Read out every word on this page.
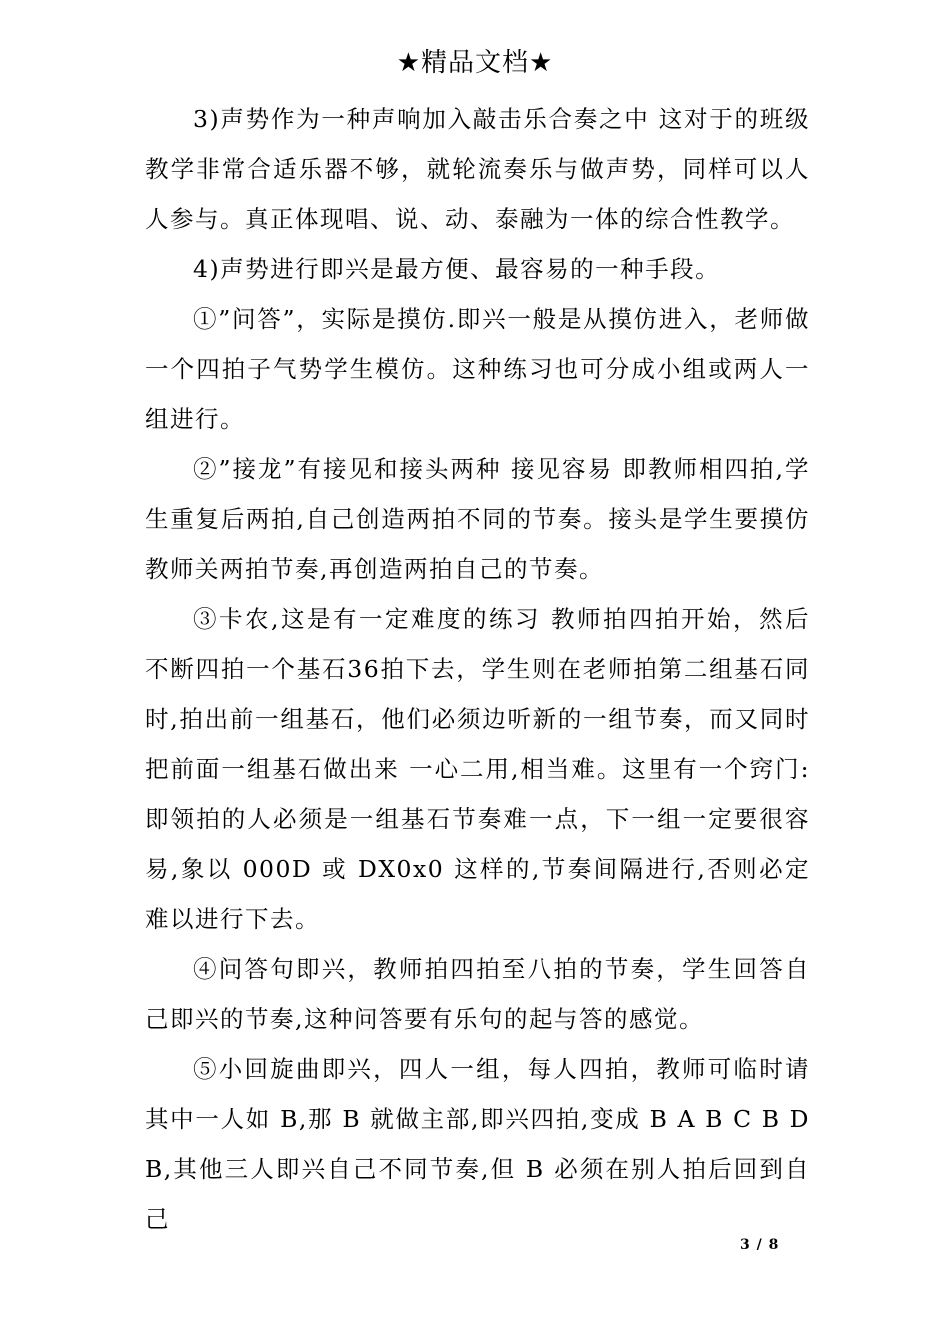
★精品文档★

3)声势作为一种声响加入敲击乐合奏之中 这对于的班级教学非常合适乐器不够，就轮流奏乐与做声势，同样可以人人参与。真正体现唱、说、动、泰融为一体的综合性教学。

4)声势进行即兴是最方便、最容易的一种手段。

①”问答”，实际是摸仿.即兴一般是从摸仿进入，老师做一个四拍子气势学生模仿。这种练习也可分成小组或两人一组进行。

②”接龙”有接见和接头两种 接见容易 即教师相四拍,学生重复后两拍,自己创造两拍不同的节奏。接头是学生要摸仿教师关两拍节奏,再创造两拍自己的节奏。

③卡农,这是有一定难度的练习 教师拍四拍开始，然后不断四拍一个基石36拍下去，学生则在老师拍第二组基石同时,拍出前一组基石，他们必须边听新的一组节奏，而又同时把前面一组基石做出来 一心二用,相当难。这里有一个窍门:即领拍的人必须是一组基石节奏难一点，下一组一定要很容易,象以 000D 或 DX0x0 这样的,节奏间隔进行,否则必定难以进行下去。

④问答句即兴，教师拍四拍至八拍的节奏，学生回答自己即兴的节奏,这种问答要有乐句的起与答的感觉。

⑤小回旋曲即兴，四人一组，每人四拍，教师可临时请其中一人如 B,那 B 就做主部,即兴四拍,变成 B A B C B D B,其他三人即兴自己不同节奏,但 B 必须在别人拍后回到自己

3 / 8
